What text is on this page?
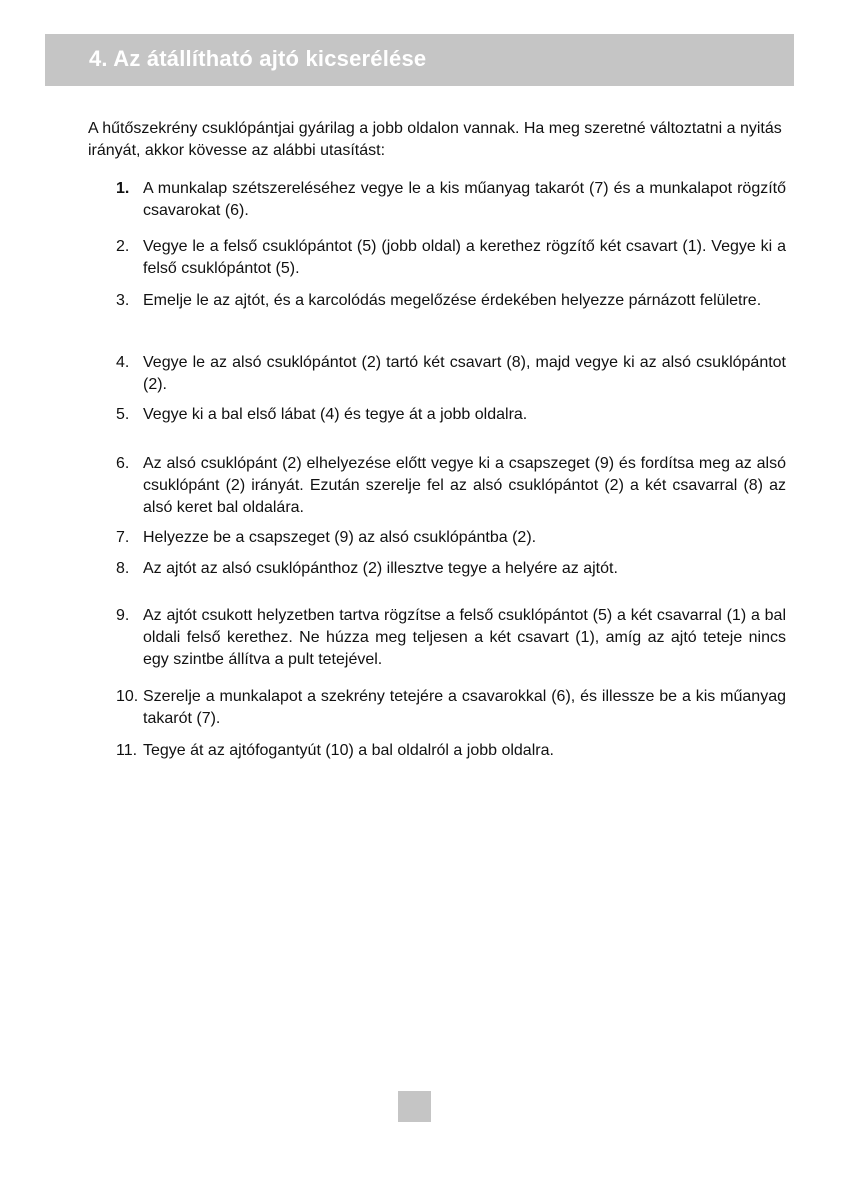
4. Az átállítható ajtó kicserélése
A hűtőszekrény csuklópántjai gyárilag a jobb oldalon vannak. Ha meg szeretné változtatni a nyitás irányát, akkor kövesse az alábbi utasítást:
1. A munkalap szétszereléséhez vegye le a kis műanyag takarót (7) és a munkalapot rögzítő csavarokat (6).
2. Vegye le a felső csuklópántot (5) (jobb oldal) a kerethez rögzítő két csavart (1). Vegye ki a felső csuklópántot (5).
3. Emelje le az ajtót, és a karcolódás megelőzése érdekében helyezze párnázott felületre.
4. Vegye le az alsó csuklópántot (2) tartó két csavart (8), majd vegye ki az alsó csuklópántot (2).
5. Vegye ki a bal első lábat (4) és tegye át a jobb oldalra.
6. Az alsó csuklópánt (2) elhelyezése előtt vegye ki a csapszeget (9) és fordítsa meg az alsó csuklópánt (2) irányát. Ezután szerelje fel az alsó csuklópántot (2) a két csavarral (8) az alsó keret bal oldalára.
7. Helyezze be a csapszeget (9) az alsó csuklópántba (2).
8. Az ajtót az alsó csuklópánthoz (2) illesztve tegye a helyére az ajtót.
9. Az ajtót csukott helyzetben tartva rögzítse a felső csuklópántot (5) a két csavarral (1) a bal oldali felső kerethez. Ne húzza meg teljesen a két csavart (1), amíg az ajtó teteje nincs egy szintbe állítva a pult tetejével.
10. Szerelje a munkalapot a szekrény tetejére a csavarokkal (6), és illessze be a kis műanyag takarót (7).
11. Tegye át az ajtófogantyút (10) a bal oldalról a jobb oldalra.
